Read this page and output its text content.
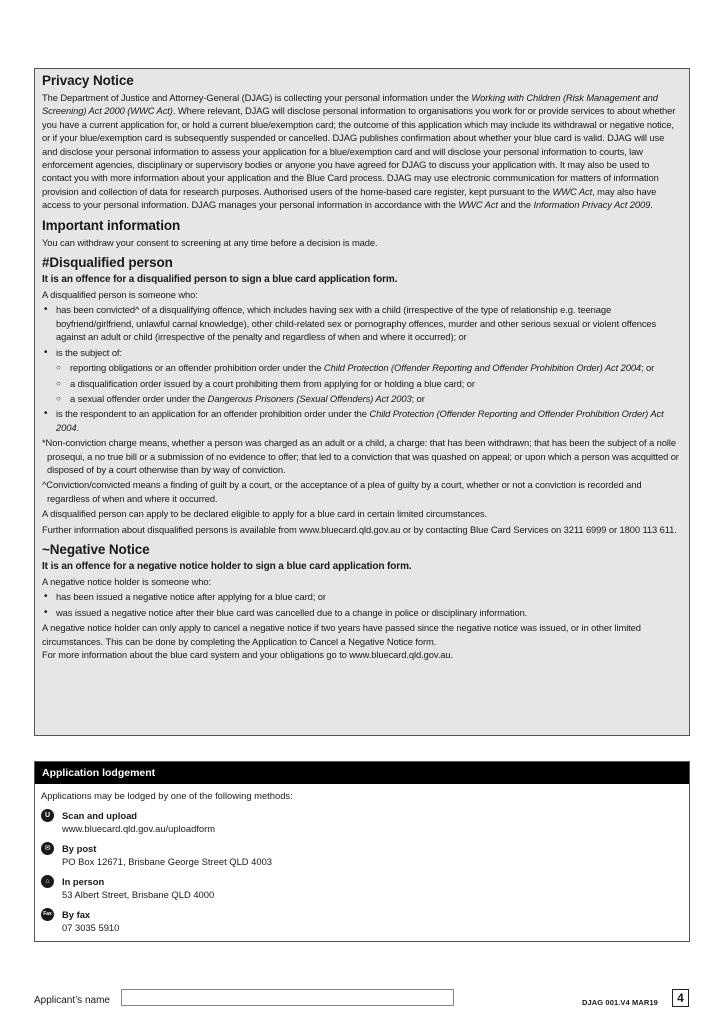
Privacy Notice

The Department of Justice and Attorney-General (DJAG) is collecting your personal information under the Working with Children (Risk Management and Screening) Act 2000 (WWC Act). Where relevant, DJAG will disclose personal information to organisations you work for or provide services to about whether you have a current application for, or hold a current blue/exemption card; the outcome of this application which may include its withdrawal or negative notice, or if your blue/exemption card is subsequently suspended or cancelled. DJAG publishes confirmation about whether your blue card is valid. DJAG will use and disclose your personal information to assess your application for a blue/exemption card and will disclose your personal information to courts, law enforcement agencies, disciplinary or supervisory bodies or anyone you have agreed for DJAG to discuss your application with. It may also be used to contact you with more information about your application and the Blue Card process. DJAG may use electronic communication for matters of information provision and collection of data for research purposes. Authorised users of the home-based care register, kept pursuant to the WWC Act, may also have access to your personal information. DJAG manages your personal information in accordance with the WWC Act and the Information Privacy Act 2009.

Important information

You can withdraw your consent to screening at any time before a decision is made.

#Disqualified person
It is an offence for a disqualified person to sign a blue card application form.

A disqualified person is someone who:

• has been convicted^ of a disqualifying offence, which includes having sex with a child (irrespective of the type of relationship e.g. teenage boyfriend/girlfriend, unlawful carnal knowledge), other child-related sex or pornography offences, murder and other serious sexual or violent offences against an adult or child (irrespective of the penalty and regardless of when and where it occurred); or
• is the subject of:
○ reporting obligations or an offender prohibition order under the Child Protection (Offender Reporting and Offender Prohibition Order) Act 2004; or
○ a disqualification order issued by a court prohibiting them from applying for or holding a blue card; or
○ a sexual offender order under the Dangerous Prisoners (Sexual Offenders) Act 2003; or
• is the respondent to an application for an offender prohibition order under the Child Protection (Offender Reporting and Offender Prohibition Order) Act 2004.

*Non-conviction charge means, whether a person was charged as an adult or a child, a charge: that has been withdrawn; that has been the subject of a nolle prosequi, a no true bill or a submission of no evidence to offer; that led to a conviction that was quashed on appeal; or upon which a person was acquitted or disposed of by a court otherwise than by way of conviction.

^Conviction/convicted means a finding of guilt by a court, or the acceptance of a plea of guilty by a court, whether or not a conviction is recorded and regardless of when and where it occurred.

A disqualified person can apply to be declared eligible to apply for a blue card in certain limited circumstances.

Further information about disqualified persons is available from www.bluecard.qld.gov.au or by contacting Blue Card Services on 3211 6999 or 1800 113 611.

~Negative Notice
It is an offence for a negative notice holder to sign a blue card application form.

A negative notice holder is someone who:

• has been issued a negative notice after applying for a blue card; or
• was issued a negative notice after their blue card was cancelled due to a change in police or disciplinary information.

A negative notice holder can only apply to cancel a negative notice if two years have passed since the negative notice was issued, or in other limited circumstances. This can be done by completing the Application to Cancel a Negative Notice form.

For more information about the blue card system and your obligations go to www.bluecard.qld.gov.au.

Application lodgement

Applications may be lodged by one of the following methods:

U	Scan and upload
www.bluecard.qld.gov.au/uploadform
✉	By post
PO Box 12671, Brisbane George Street QLD 4003
⌂	In person
53 Albert Street, Brisbane QLD 4000
Fax By fax
07 3035 5910
Applicant’s name	DJAG 001.V4 MAR19	4
